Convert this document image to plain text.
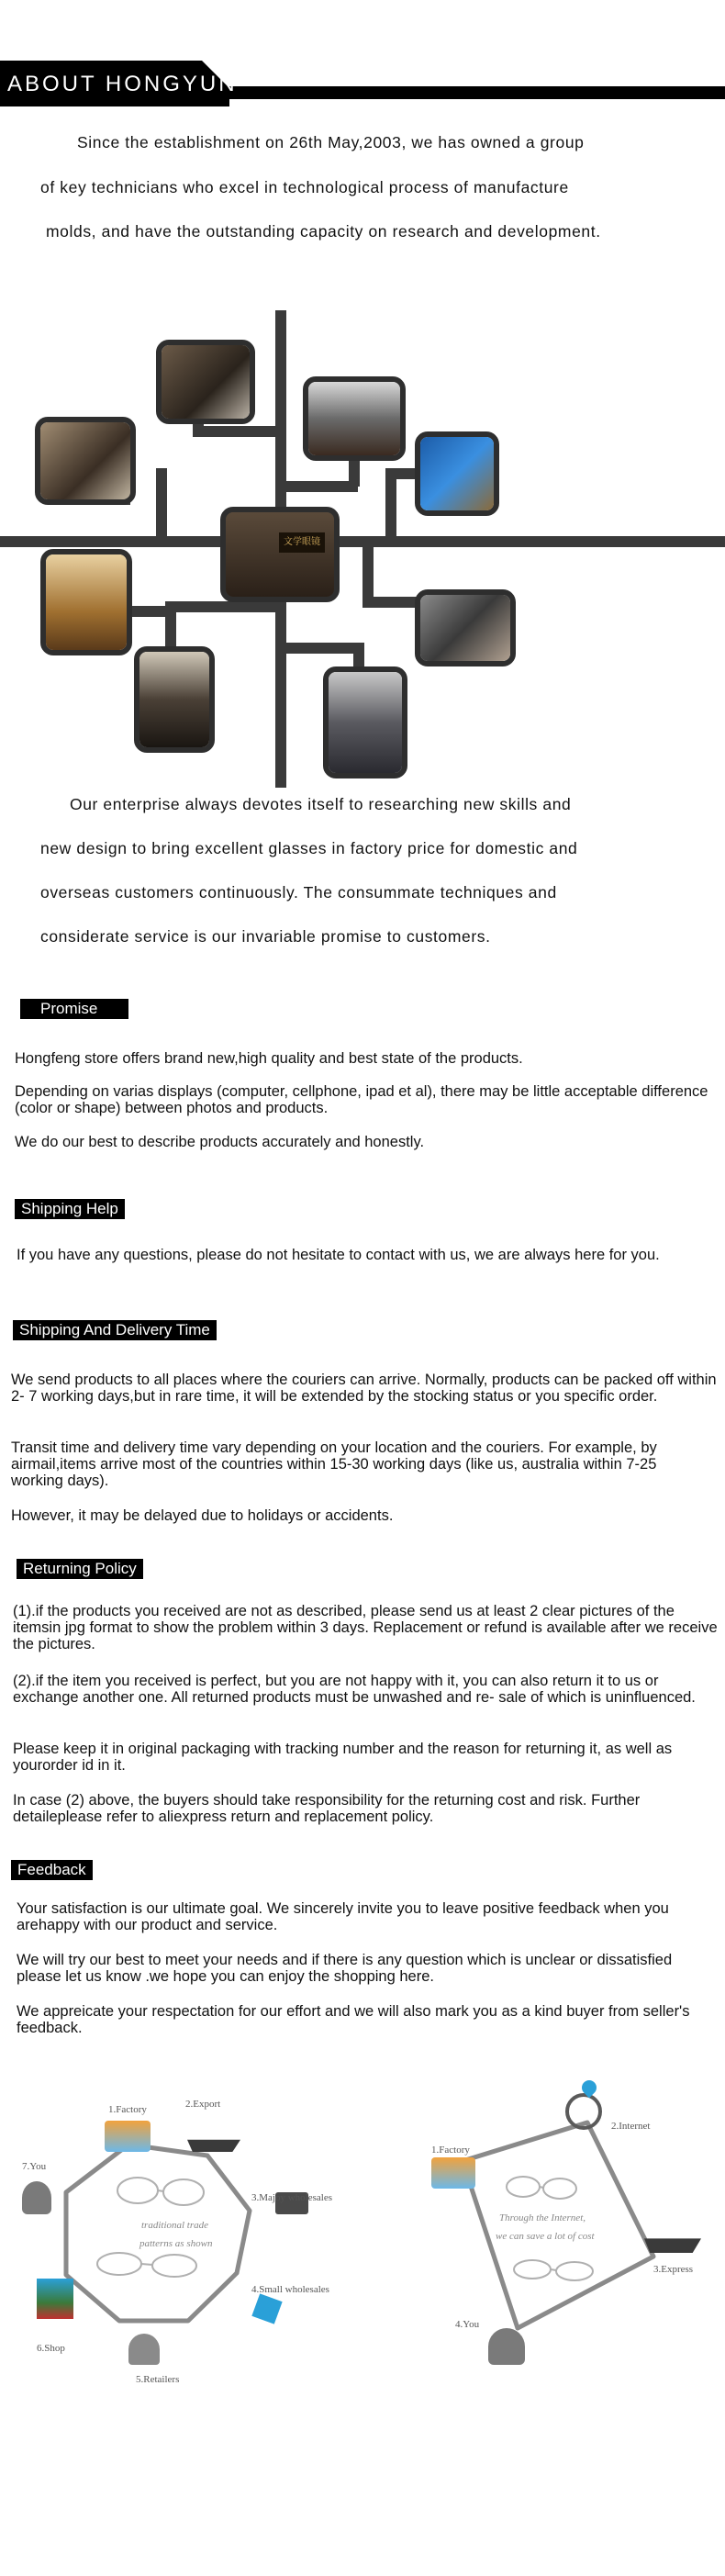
ABOUT HONGYUN

Since the establishment on 26th May,2003, we has owned a group

of key technicians who excel in technological process of manufacture

molds, and have the outstanding capacity on research and development.

文学眼镜

Our enterprise always devotes itself to researching new skills and

new design to bring excellent glasses in factory price for domestic and

overseas customers continuously. The consummate techniques and

considerate service is our invariable promise to customers.

Promise
Hongfeng store offers brand new,high quality and best state of the products.
Depending on varias displays (computer, cellphone, ipad et al), there may be little acceptable difference (color or shape) between photos and products.
We do our best to describe products accurately and honestly.
Shipping Help
If you have any questions, please do not hesitate to contact with us, we are always here for you.
Shipping And Delivery Time
We send products to all places where the couriers can arrive. Normally, products can be packed off within 2- 7 working days,but in rare time, it will be extended by the stocking status or you specific order.
Transit time and delivery time vary depending on your location and the couriers. For example, by airmail,items arrive most of the countries within 15-30 working days (like us, australia within 7-25 working days).
However, it may be delayed due to holidays or accidents.
Returning Policy
(1).if the products you received are not as described, please send us at least 2 clear pictures of the itemsin jpg format to show the problem within 3 days. Replacement or refund is available after we receive the pictures.
(2).if the item you received is perfect, but you are not happy with it, you can also return it to us or exchange another one. All returned products must be unwashed and re- sale of which is uninfluenced.
Please keep it in original packaging with tracking number and the reason for returning it, as well as yourorder id in it.
In case (2) above, the buyers should take responsibility for the returning cost and risk. Further detaileplease refer to aliexpress return and replacement policy.
Feedback
Your satisfaction is our ultimate goal. We sincerely invite you to leave positive feedback when you arehappy with our product and service.
We will try our best to meet your needs and if there is any question which is unclear or dissatisfied please let us know .we hope you can enjoy the shopping here.
We appreicate your respectation for our effort and we will also mark you as a kind buyer from seller's feedback.
1.Factory	2.Export
3.Majoy wholesales
4.Small wholesales
5.Retailers
6.Shop
7.You
traditional trade
patterns as shown
1.Factory
2.Internet
3.Express
4.You
Through the Internet,
we can save a lot of cost
